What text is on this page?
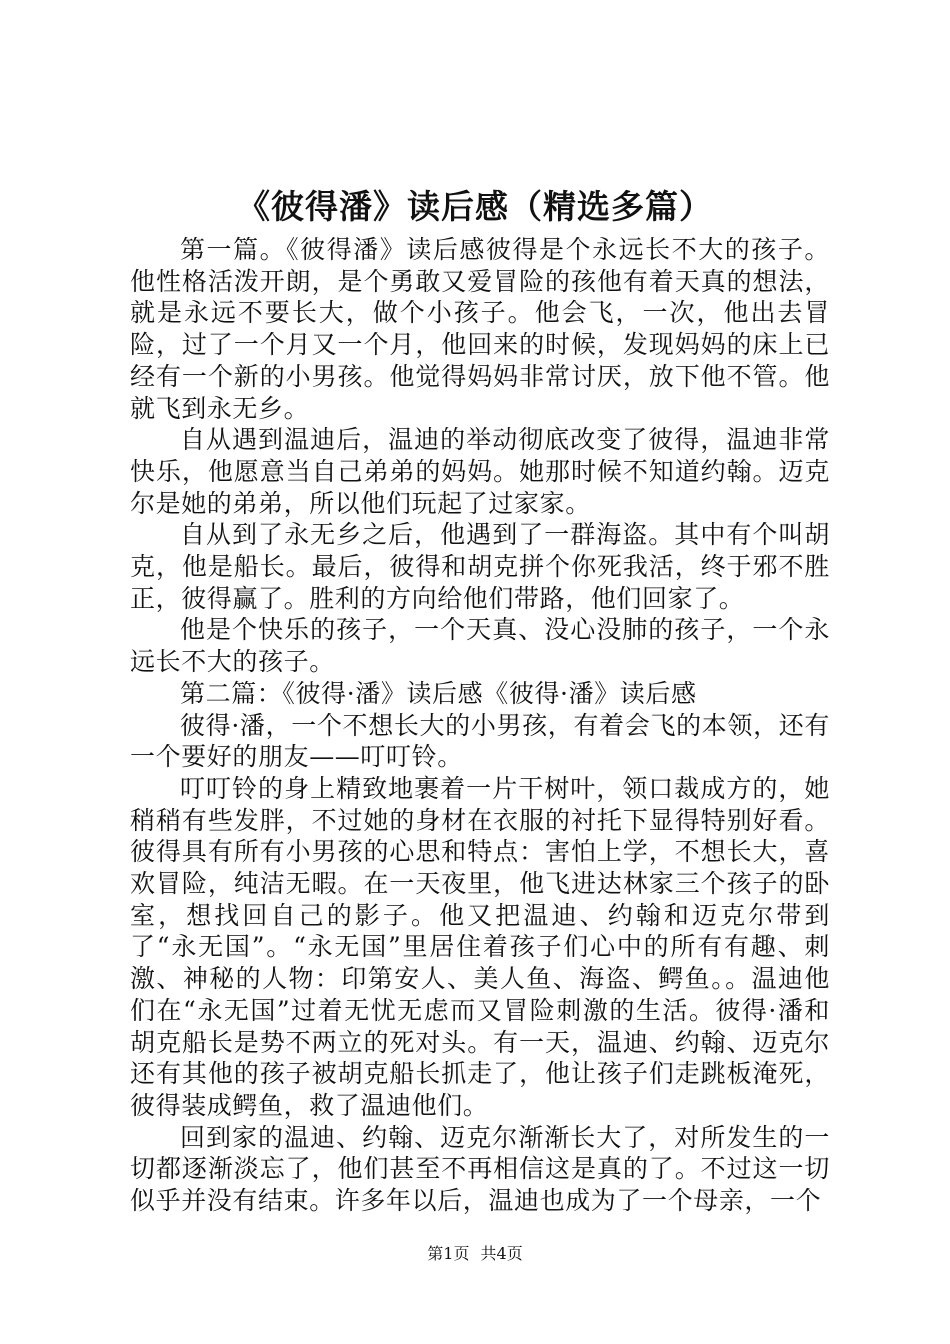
《彼得潘》读后感（精选多篇）

第一篇。《彼得潘》读后感彼得是个永远长不大的孩子。他性格活泼开朗，是个勇敢又爱冒险的孩他有着天真的想法，就是永远不要长大，做个小孩子。他会飞，一次，他出去冒险，过了一个月又一个月，他回来的时候，发现妈妈的床上已经有一个新的小男孩。他觉得妈妈非常讨厌，放下他不管。他就飞到永无乡。

自从遇到温迪后，温迪的举动彻底改变了彼得，温迪非常快乐，他愿意当自己弟弟的妈妈。她那时候不知道约翰。迈克尔是她的弟弟，所以他们玩起了过家家。

自从到了永无乡之后，他遇到了一群海盗。其中有个叫胡克，他是船长。最后，彼得和胡克拼个你死我活，终于邪不胜正，彼得赢了。胜利的方向给他们带路，他们回家了。

他是个快乐的孩子，一个天真、没心没肺的孩子，一个永远长不大的孩子。

第二篇：《彼得·潘》读后感《彼得·潘》读后感

彼得·潘，一个不想长大的小男孩，有着会飞的本领，还有一个要好的朋友——叮叮铃。

叮叮铃的身上精致地裹着一片干树叶，领口裁成方的，她稍稍有些发胖，不过她的身材在衣服的衬托下显得特别好看。彼得具有所有小男孩的心思和特点：害怕上学，不想长大，喜欢冒险，纯洁无暇。在一天夜里，他飞进达林家三个孩子的卧室，想找回自己的影子。他又把温迪、约翰和迈克尔带到了“永无国”。“永无国”里居住着孩子们心中的所有有趣、刺激、神秘的人物：印第安人、美人鱼、海盗、鳄鱼。。温迪他们在“永无国”过着无忧无虑而又冒险刺激的生活。彼得·潘和胡克船长是势不两立的死对头。有一天，温迪、约翰、迈克尔还有其他的孩子被胡克船长抓走了，他让孩子们走跳板淹死，彼得装成鳄鱼，救了温迪他们。

回到家的温迪、约翰、迈克尔渐渐长大了，对所发生的一切都逐渐淡忘了，他们甚至不再相信这是真的了。不过这一切似乎并没有结束。许多年以后，温迪也成为了一个母亲，一个

第1页 共4页
